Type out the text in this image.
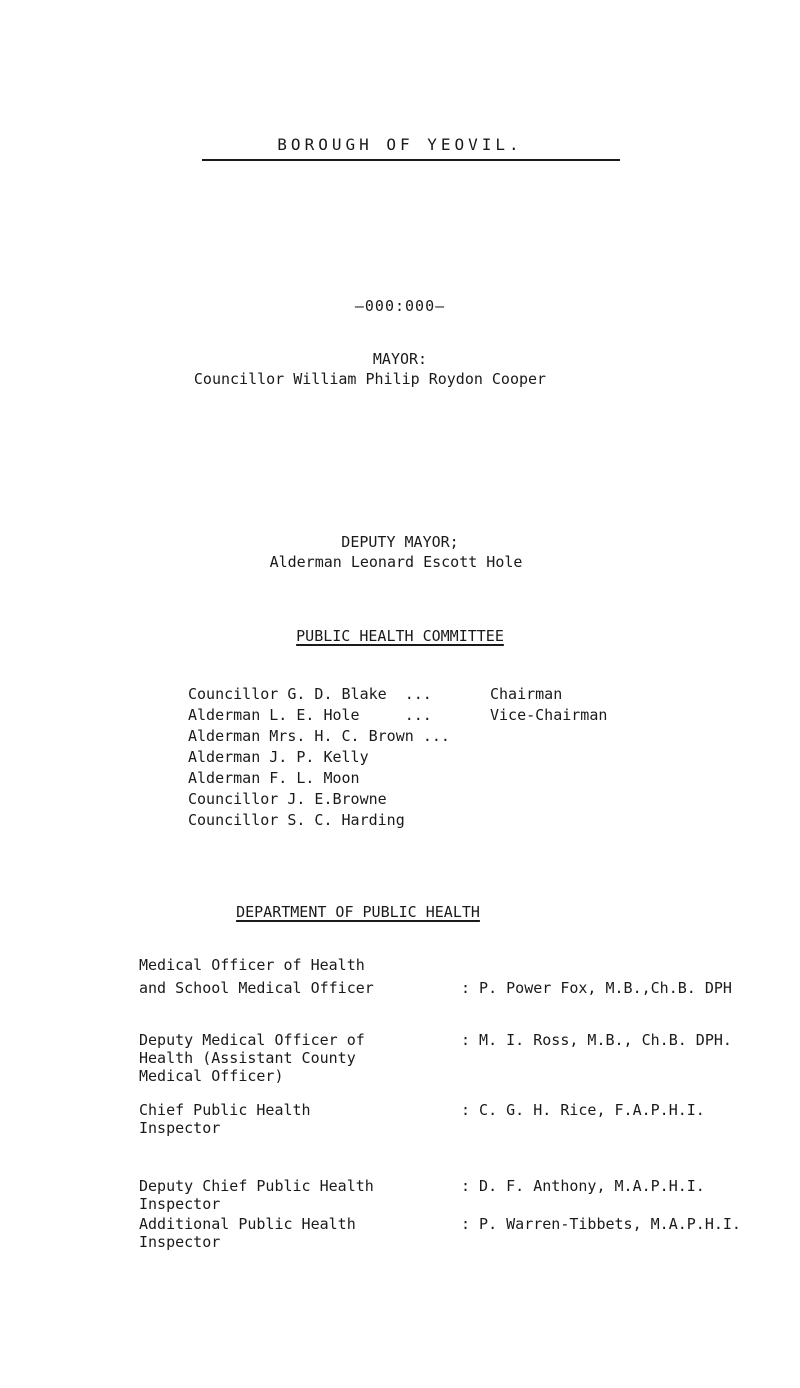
BOROUGH OF YEOVIL.
—000:000—
MAYOR:
Councillor William Philip Roydon Cooper
DEPUTY MAYOR;
Alderman Leonard Escott Hole
PUBLIC HEALTH COMMITTEE
Councillor G. D. Blake ...	Chairman
Alderman L. E. Hole	...	Vice-Chairman
Alderman Mrs. H. C. Brown ...
Alderman J. P. Kelly
Alderman F. L. Moon
Councillor J. E.Browne
Councillor S. C. Harding
DEPARTMENT OF PUBLIC HEALTH
Medical Officer of Health
and School Medical Officer	: P. Power Fox, M.B.,Ch.B. DPH
Deputy Medical Officer of
Health (Assistant County
Medical Officer)
: M. I. Ross, M.B., Ch.B. DPH.
Chief Public Health
Inspector
: C. G. H. Rice, F.A.P.H.I.
Deputy Chief Public Health
Inspector
: D. F. Anthony, M.A.P.H.I.
Additional Public Health
Inspector
: P. Warren-Tibbets, M.A.P.H.I.
